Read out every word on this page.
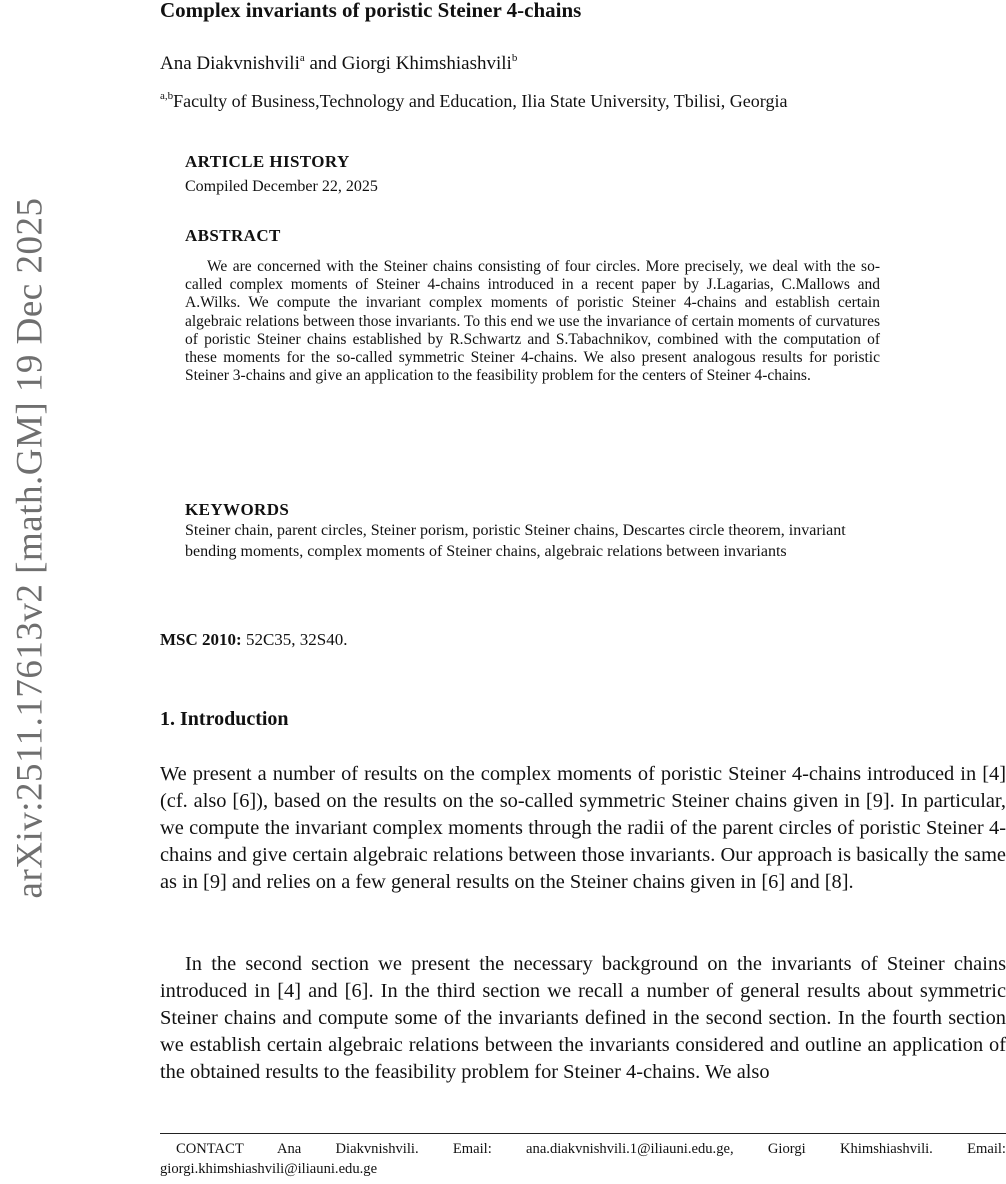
arXiv:2511.17613v2 [math.GM] 19 Dec 2025
Complex invariants of poristic Steiner 4-chains
Ana Diakvnishvili$^a$ and Giorgi Khimshiashvili$^b$
$^{a,b}$Faculty of Business,Technology and Education, Ilia State University, Tbilisi, Georgia
ARTICLE HISTORY
Compiled December 22, 2025
ABSTRACT
We are concerned with the Steiner chains consisting of four circles. More precisely, we deal with the so-called complex moments of Steiner 4-chains introduced in a recent paper by J.Lagarias, C.Mallows and A.Wilks. We compute the invariant complex moments of poristic Steiner 4-chains and establish certain algebraic relations between those invariants. To this end we use the invariance of certain moments of curvatures of poristic Steiner chains established by R.Schwartz and S.Tabachnikov, combined with the computation of these moments for the so-called symmetric Steiner 4-chains. We also present analogous results for poristic Steiner 3-chains and give an application to the feasibility problem for the centers of Steiner 4-chains.
KEYWORDS
Steiner chain, parent circles, Steiner porism, poristic Steiner chains, Descartes circle theorem, invariant bending moments, complex moments of Steiner chains, algebraic relations between invariants
MSC 2010: 52C35, 32S40.
1. Introduction
We present a number of results on the complex moments of poristic Steiner 4-chains introduced in [4] (cf. also [6]), based on the results on the so-called symmetric Steiner chains given in [9]. In particular, we compute the invariant complex moments through the radii of the parent circles of poristic Steiner 4-chains and give certain algebraic relations between those invariants. Our approach is basically the same as in [9] and relies on a few general results on the Steiner chains given in [6] and [8].
In the second section we present the necessary background on the invariants of Steiner chains introduced in [4] and [6]. In the third section we recall a number of general results about symmetric Steiner chains and compute some of the invariants defined in the second section. In the fourth section we establish certain algebraic relations between the invariants considered and outline an application of the obtained results to the feasibility problem for Steiner 4-chains. We also
CONTACT Ana Diakvnishvili. Email: ana.diakvnishvili.1@iliauni.edu.ge, Giorgi Khimshiashvili. Email: giorgi.khimshiashvili@iliauni.edu.ge
